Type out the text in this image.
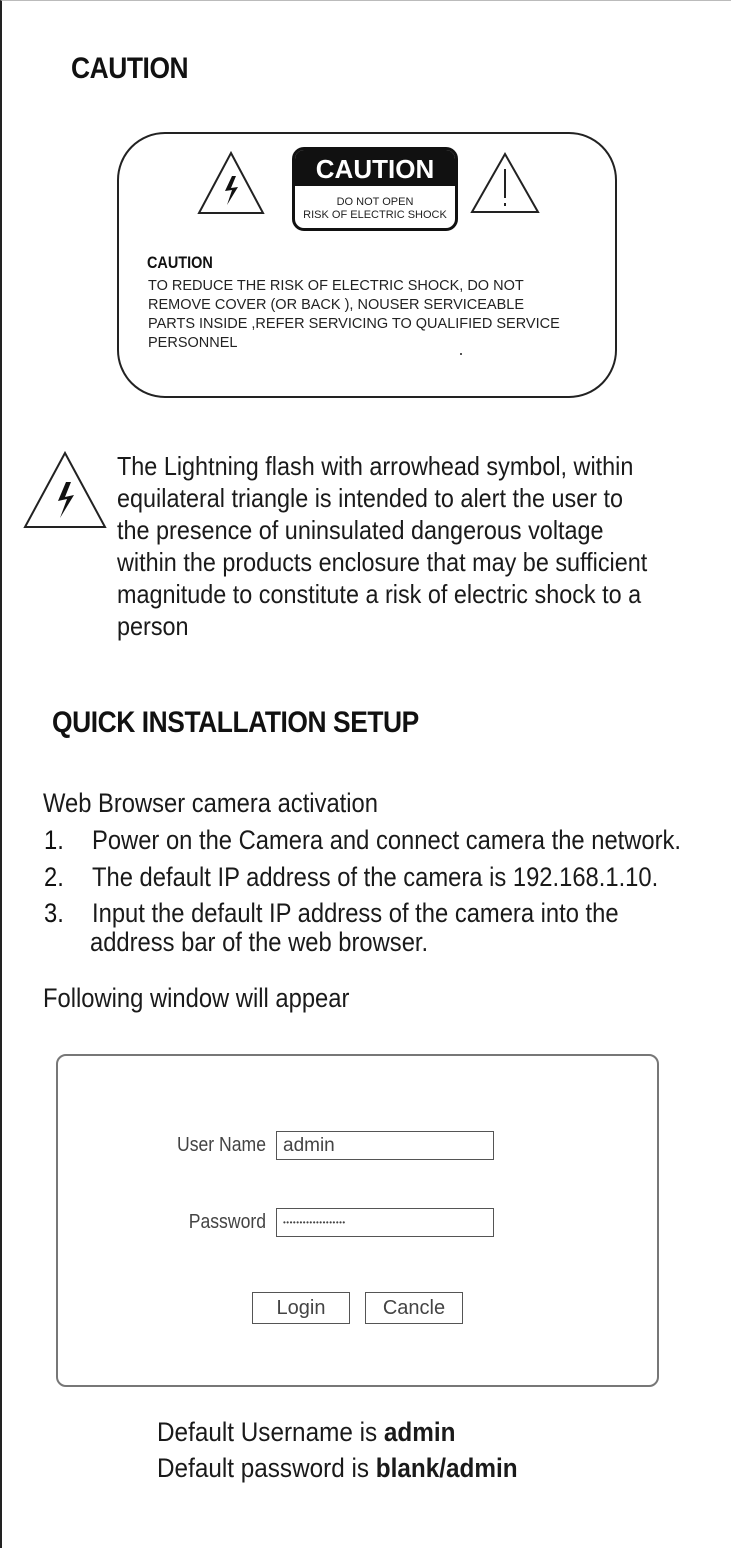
CAUTION
CAUTION
DO NOT OPEN
RISK OF ELECTRIC SHOCK
CAUTION
TO REDUCE THE RISK OF ELECTRIC SHOCK, DO NOT
REMOVE COVER (OR BACK ), NOUSER SERVICEABLE
PARTS INSIDE ,REFER SERVICING TO QUALIFIED SERVICE
PERSONNEL
The Lightning flash with arrowhead symbol, within
equilateral triangle is intended to alert the user to
the presence of uninsulated dangerous voltage
within the products enclosure that may be sufficient
magnitude to constitute a risk of electric shock to a
person
QUICK INSTALLATION SETUP
Web Browser camera activation
1. Power on the Camera and connect camera the network.
2. The default IP address of the camera is 192.168.1.10.
3. Input the default IP address of the camera into the
address bar of the web browser.
Following window will appear
User Name
admin
Password
•••••••••••••••••••
Login	Cancle
Default Username is admin
Default password is blank/admin
